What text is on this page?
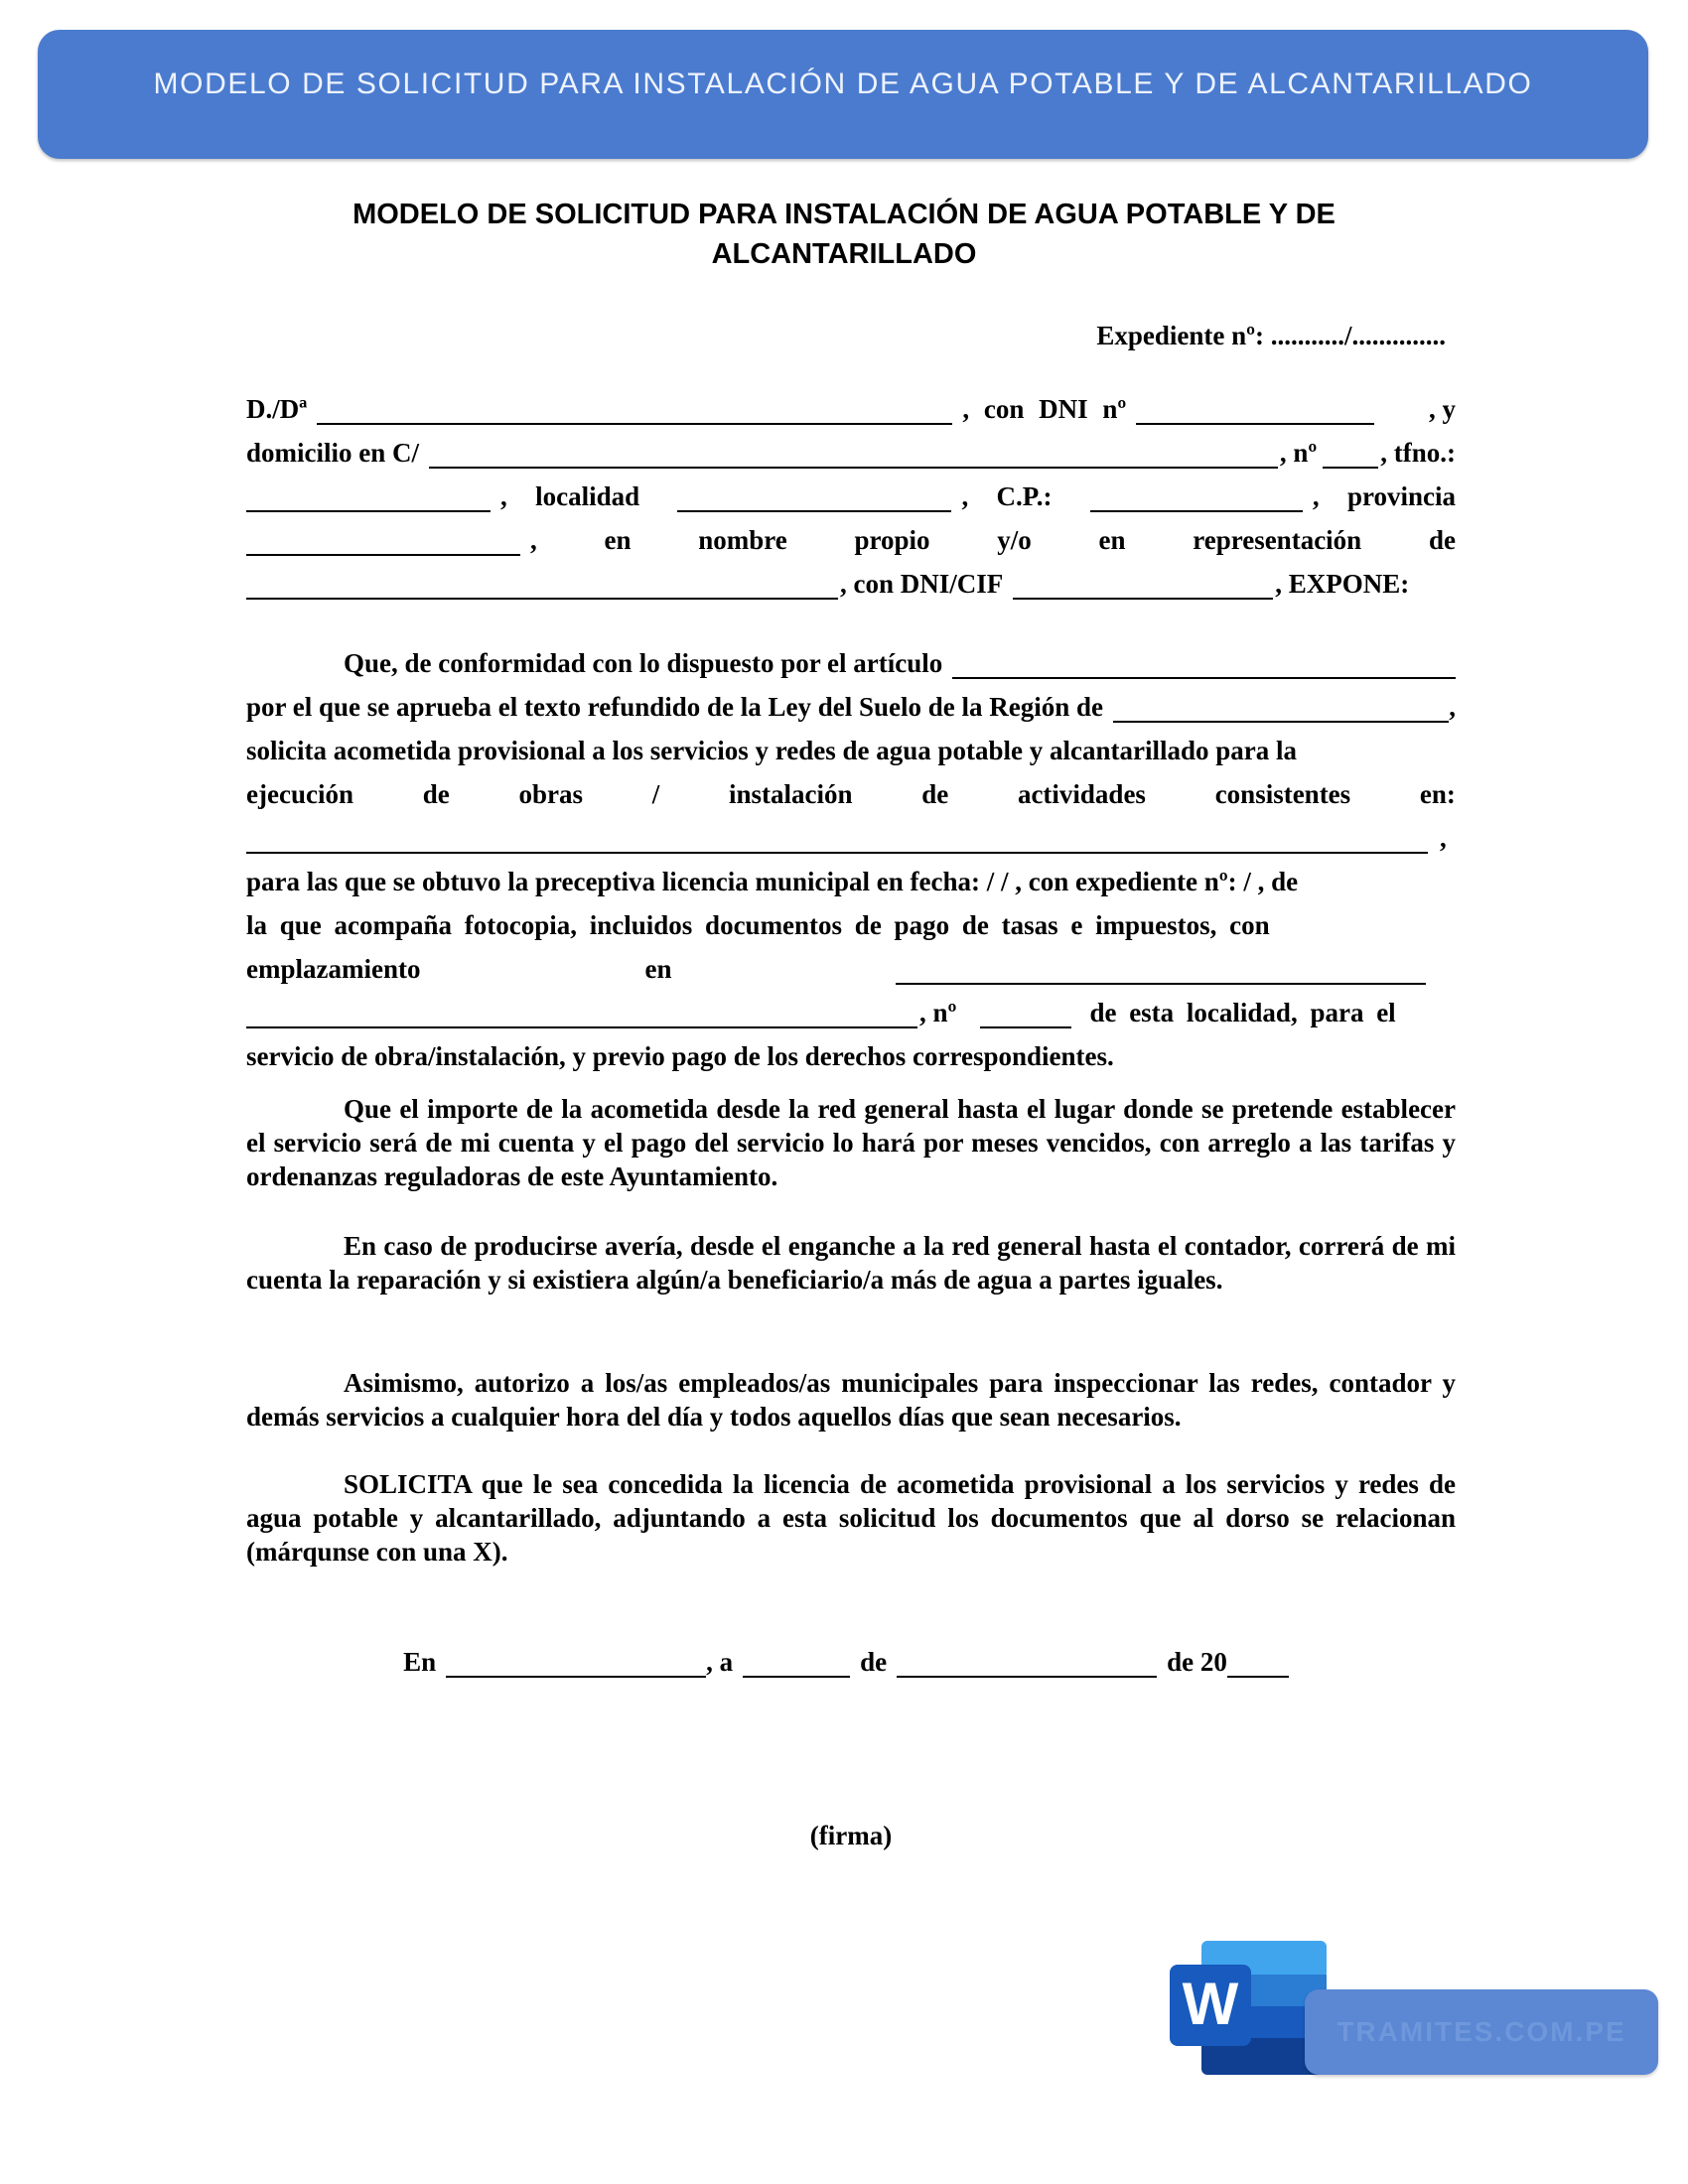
MODELO DE SOLICITUD PARA INSTALACIÓN DE AGUA POTABLE Y DE ALCANTARILLADO
MODELO DE SOLICITUD PARA INSTALACIÓN DE AGUA POTABLE Y DE
ALCANTARILLADO
Expediente nº: .........../..............
D./Dª	, con DNI nº	, y
domicilio en C/	, nº , tfno.:
, localidad	, C.P.:	, provincia
,	en	nombre	propio	y/o	en	representación	de
, con DNI/CIF	, EXPONE:
Que, de conformidad con lo dispuesto por el artículo
por el que se aprueba el texto refundido de la Ley del Suelo de la Región de	,
solicita acometida provisional a los servicios y redes de agua potable y alcantarillado para la
ejecución	de	obras	/	instalación	de	actividades	consistentes	en:
,
para las que se obtuvo la preceptiva licencia municipal en fecha: / / , con expediente nº: / , de
la que acompaña fotocopia, incluidos documentos de pago de tasas e impuestos, con
emplazamiento	en
, nº	de esta localidad, para el
servicio de obra/instalación, y previo pago de los derechos correspondientes.
Que el importe de la acometida desde la red general hasta el lugar donde se pretende establecer el servicio será de mi cuenta y el pago del servicio lo hará por meses vencidos, con arreglo a las tarifas y ordenanzas reguladoras de este Ayuntamiento.
En caso de producirse avería, desde el enganche a la red general hasta el contador, correrá de mi cuenta la reparación y si existiera algún/a beneficiario/a más de agua a partes iguales.
Asimismo, autorizo a los/as empleados/as municipales para inspeccionar las redes, contador y demás servicios a cualquier hora del día y todos aquellos días que sean necesarios.
SOLICITA que le sea concedida la licencia de acometida provisional a los servicios y redes de agua potable y alcantarillado, adjuntando a esta solicitud los documentos que al dorso se relacionan (márqunse con una X).
En	, a	de	de 20
(firma)
W	TRAMITES.COM.PE
